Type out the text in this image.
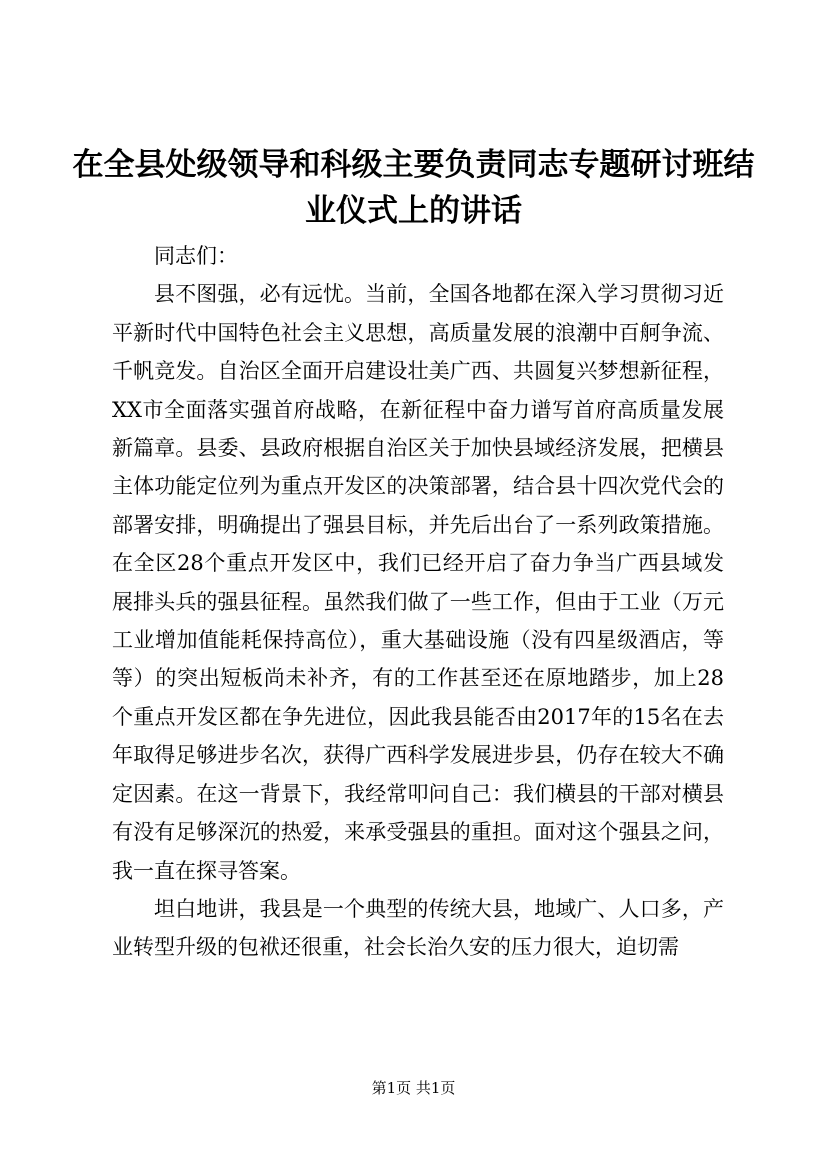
在全县处级领导和科级主要负责同志专题研讨班结业仪式上的讲话

同志们：

县不图强，必有远忧。当前，全国各地都在深入学习贯彻习近平新时代中国特色社会主义思想，高质量发展的浪潮中百舸争流、千帆竞发。自治区全面开启建设壮美广西、共圆复兴梦想新征程，XX市全面落实强首府战略，在新征程中奋力谱写首府高质量发展新篇章。县委、县政府根据自治区关于加快县域经济发展，把横县主体功能定位列为重点开发区的决策部署，结合县十四次党代会的部署安排，明确提出了强县目标，并先后出台了一系列政策措施。在全区28个重点开发区中，我们已经开启了奋力争当广西县域发展排头兵的强县征程。虽然我们做了一些工作，但由于工业（万元工业增加值能耗保持高位），重大基础设施（没有四星级酒店，等等）的突出短板尚未补齐，有的工作甚至还在原地踏步，加上28个重点开发区都在争先进位，因此我县能否由2017年的15名在去年取得足够进步名次，获得广西科学发展进步县，仍存在较大不确定因素。在这一背景下，我经常叩问自己：我们横县的干部对横县有没有足够深沉的热爱，来承受强县的重担。面对这个强县之问，我一直在探寻答案。

坦白地讲，我县是一个典型的传统大县，地域广、人口多，产业转型升级的包袱还很重，社会长治久安的压力很大，迫切需

第1页 共1页
